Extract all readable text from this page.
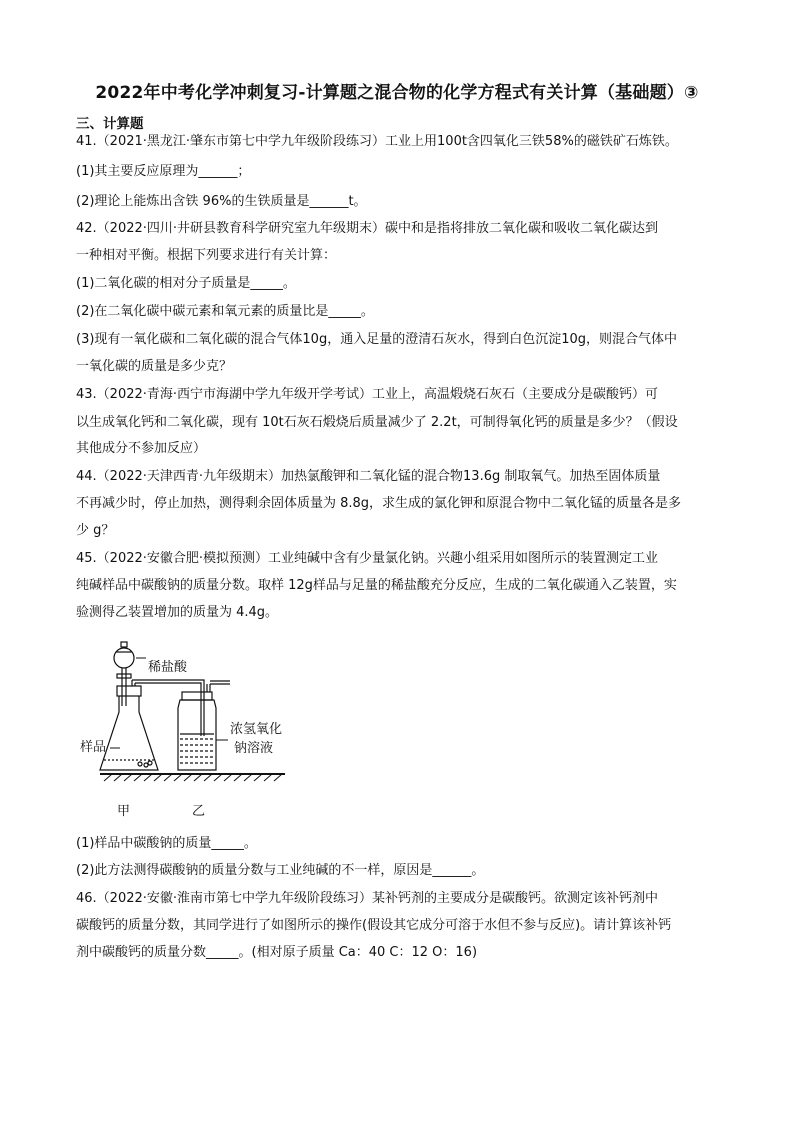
2022年中考化学冲刺复习-计算题之混合物的化学方程式有关计算（基础题）③
三、计算题
41.（2021·黑龙江·肇东市第七中学九年级阶段练习）工业上用100t含四氧化三铁58%的磁铁矿石炼铁。
(1)其主要反应原理为______；
(2)理论上能炼出含铁 96%的生铁质量是______t。
42.（2022·四川·井研县教育科学研究室九年级期末）碳中和是指将排放二氧化碳和吸收二氧化碳达到
一种相对平衡。根据下列要求进行有关计算：
(1)二氧化碳的相对分子质量是_____。
(2)在二氧化碳中碳元素和氧元素的质量比是_____。
(3)现有一氧化碳和二氧化碳的混合气体10g，通入足量的澄清石灰水，得到白色沉淀10g，则混合气体中
一氧化碳的质量是多少克？
43.（2022·青海·西宁市海湖中学九年级开学考试）工业上，高温煅烧石灰石（主要成分是碳酸钙）可
以生成氧化钙和二氧化碳，现有 10t石灰石煅烧后质量减少了 2.2t，可制得氧化钙的质量是多少？（假设
其他成分不参加反应）
44.（2022·天津西青·九年级期末）加热氯酸钾和二氧化锰的混合物13.6g 制取氧气。加热至固体质量
不再减少时，停止加热，测得剩余固体质量为 8.8g，求生成的氯化钾和原混合物中二氧化锰的质量各是多
少 g？
45.（2022·安徽合肥·模拟预测）工业纯碱中含有少量氯化钠。兴趣小组采用如图所示的装置测定工业
纯碱样品中碳酸钠的质量分数。取样 12g样品与足量的稀盐酸充分反应，生成的二氧化碳通入乙装置，实
验测得乙装置增加的质量为 4.4g。
(1)样品中碳酸钠的质量_____。
(2)此方法测得碳酸钠的质量分数与工业纯碱的不一样，原因是______。
46.（2022·安徽·淮南市第七中学九年级阶段练习）某补钙剂的主要成分是碳酸钙。欲测定该补钙剂中
碳酸钙的质量分数，其同学进行了如图所示的操作(假设其它成分可溶于水但不参与反应)。请计算该补钙
剂中碳酸钙的质量分数_____。(相对原子质量 Ca：40 C：12 O：16)
稀盐酸
样品
浓氢氧化
钠溶液
甲	乙
